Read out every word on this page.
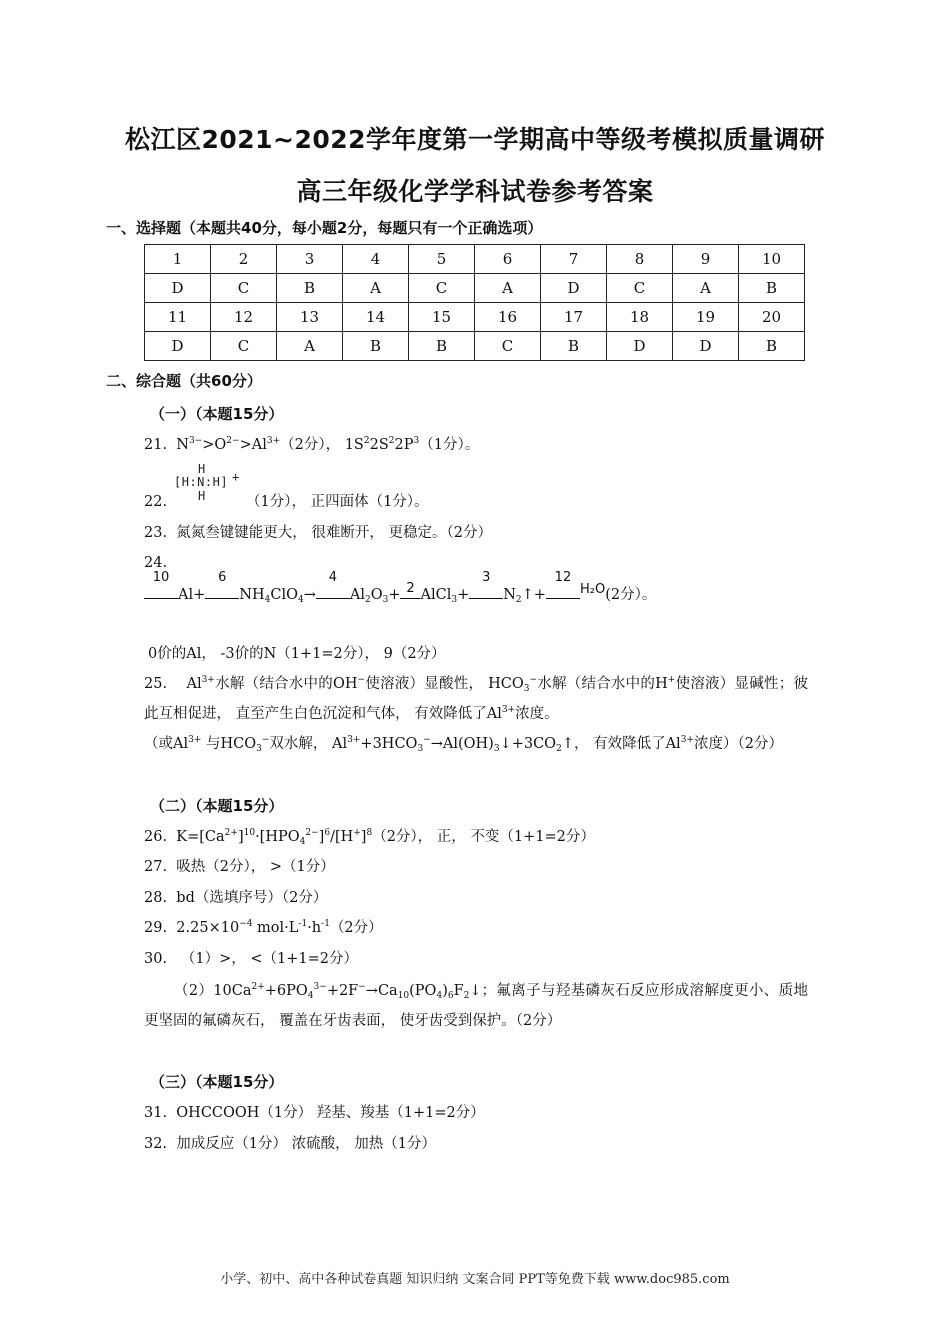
松江区2021~2022学年度第一学期高中等级考模拟质量调研
高三年级化学学科试卷参考答案
一、选择题（本题共40分，每小题2分，每题只有一个正确选项）
1	2	3	4	5	6	7	8	9	10
D	C	B	A	C	A	D	C	A	B
11	12	13	14	15	16	17	18	19	20
D	C	A	B	B	C	B	D	D	B
二、综合题（共60分）
（一）（本题15分）
21. $N^{3-}>O^{2-}>Al^{3+}(2$分）， $1S^22S^22P^3(1$分）。
22.
H
[H:N:H] +
H	（1分）， 正四面体（1分）。
23. 氮氮叁键键能更大， 很难断开， 更稳定。（2分）
24.
10
Al+
6
$NH_4ClO_4\to$
4
$Al_2O_3+ 2$ AlCl$_3$+
3
$N_2↑+$
12
H₂O(2分）。
0价的Al， -3价的N（1+1=2分）， 9（2分）
25. $Al^{3+}$水解（结合水中的OH−使溶液）显酸性， $HCO_3^-$水解（结合水中的H+使溶液）显碱性；彼此互相促进， 直至产生白色沉淀和气体， 有效降低了$Al^{3+}$浓度。
（或$Al^{3+}$ 与$HCO_3^-$双水解， $Al^{3+}+3HCO_3^-\to Al(OH)_3↓+3CO_2↑$， 有效降低了$Al^{3+}$浓度）（2分）
（二）（本题15分）
26. $K=[Ca^{2+}]^{10}\cdot[HPO_4^{2-}]^6/[H^+]^8(2$分）， 正， 不变（1+1=2分）
27. 吸热（2分）， >（1分）
28. bd（选填序号）（2分）
29. $2.25\times 10^{-4}$ $mol\cdot L^{-1}\cdot h^{-1}(2$分）
30. （1）>， <（1+1=2分）
$(2)10Ca^{2+}+6PO_4^{3-}+2F^-\to Ca_{10}(PO_4)_6F_2↓$；氟离子与羟基磷灰石反应形成溶解度更小、质地更坚固的氟磷灰石， 覆盖在牙齿表面， 使牙齿受到保护。（2分）
（三）（本题15分）
31. OHCCOOH（1分） 羟基、羧基（1+1=2分）
32. 加成反应（1分） 浓硫酸， 加热（1分）
小学、初中、高中各种试卷真题 知识归纳 文案合同 PPT等免费下载 www.doc985.com
